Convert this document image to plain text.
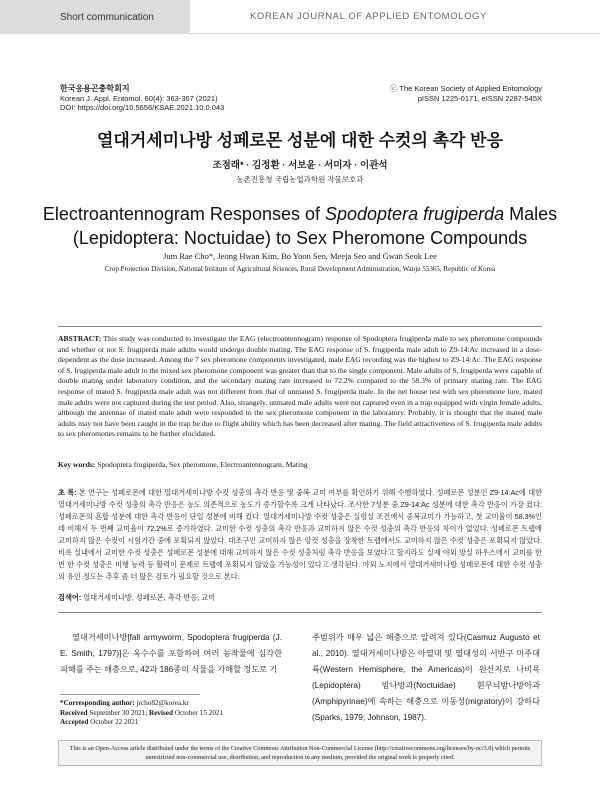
Short communication	KOREAN JOURNAL OF APPLIED ENTOMOLOGY
한국응용곤충학회지
Korean J. Appl. Entomol. 60(4): 363-367 (2021)
DOI: https://doi.org/10.5656/KSAE.2021.10.0.043
ⓒ The Korean Society of Applied Entomology
pISSN 1225-0171, eISSN 2287-545X
열대거세미나방 성페로몬 성분에 대한 수컷의 촉각 반응
조점래* · 김정환 · 서보윤 · 서미자 · 이관석
농촌진흥청 국립농업과학원 작물보호과
Electroantennogram Responses of Spodoptera frugiperda Males
(Lepidoptera: Noctuidae) to Sex Pheromone Compounds
Jum Rae Cho*, Jeong Hwan Kim, Bo Yoon Seo, Meeja Seo and Gwan Seok Lee
Crop Protection Division, National Institute of Agricultural Sciences, Rural Development Administration, Wanju 55365, Republic of Korea
ABSTRACT: This study was conducted to investigate the EAG (electroantennogram) response of Spodoptera frugiperda male to sex pheromone compounds and whether or not S. frugiperda male adults would undergo double mating. The EAG response of S. frugiperda male adult to Z9-14:Ac increased in a dose-dependent as the dose increased. Among the 7 sex pheromone components investigated, male EAG recording was the highest to Z9-14:Ac. The EAG response of S. frugiperda male adult to the mixed sex pheromone component was greater than that to the single component. Male adults of S. frugiperda were capable of double mating under laboratory condition, and the secondary mating rate increased to 72.2% compared to the 58.3% of primary mating rate. The EAG response of mated S. frugiperda male adult was not different from that of unmated S. frugiperda male. In the net house test with sex pheromone lure, mated male adults were not captured during the test period. Also, strangely, unmated male adults were not captured even in a trap equipped with virgin female adults, although the antennae of mated male adult were responded to the sex pheromone component in the laboratory. Probably, it is thought that the mated male adults may not have been caught in the trap be due to flight ability which has been decreased after mating. The field attractiveness of S. frugiperda male adults to sex pheromones remains to be further elucidated.
Key words: Spodoptera frugiperda, Sex pheromone, Electroantennogram, Mating
초 록: 본 연구는 성페로몬에 대한 열대거세미나방 수컷 성충의 촉각 반응 및 중복 교미 여부를 확인하기 위해 수행하였다. 성페로몬 성분인 Z9-14:Ac에 대한 열대거세미나방 수컷 성충의 촉각 반응은 농도 의존적으로 농도가 증가할수록 크게 나타났다. 조사한 7성분 중 Z9-14:Ac 성분에 대한 촉각 반응이 가장 컸다. 성페로몬의 혼합 성분에 대한 촉각 반응이 단일 성분에 비해 컸다. 열대거세미나방 수컷 성충은 실험실 조건에서 중복교미가 가능하고, 첫 교미율이 58.3%인데 비해서 두 번째 교미율이 72.2%로 증가하였다. 교미한 수컷 성충의 촉각 반응과 교미하지 않은 수컷 성충의 촉각 반응의 차이가 없었다. 성페로몬 트랩에 교미하지 않은 수컷이 시험기간 중에 포획되지 않았다. 대조구인 교미하지 않은 암컷 성충을 장착한 트랩에서도 교미하지 않은 수컷 성충은 포획되지 않았다. 비록 실내에서 교미한 수컷 성충은 성페로몬 성분에 대해 교미하지 않은 수컷 성충처럼 촉각 반응을 보였다고 할지라도 실제 야외 망실 하우스에서 교미를 한번 한 수컷 성충은 비행 능력 등 활력이 문제로 트랩에 포획되지 않았을 가능성이 있다고 생각된다. 야외 노지에서 열대거세미나방 성페로몬에 대한 수컷 성충의 유인 정도는 추후 좀 더 많은 검토가 필요할 것으로 본다.
검색어: 열대거세미나방, 성페로몬, 촉각 반응, 교미
열대거세미나방[fall armyworm, Spodoptera frugiperda (J. E. Smith, 1797)]은 옥수수를 포함하여 여러 농작물에 심각한 피해를 주는 해충으로, 42과 186종의 식물을 가해할 정도로 기
주범위가 매우 넓은 해충으로 알려져 있다(Casmuz Augusto et al., 2010). 열대거세미나방은 아열대 및 열대성의 서반구 미주대륙(Western Hemisphere, the Americas)이 원산지로 나비목(Lepidoptera) 밤나방과(Noctuidae) 흰무늬밤나방아과(Amphipyrinae)에 속하는 해충으로 이동성(migratory)이 강하다(Sparks, 1979; Johnson, 1987).
*Corresponding author: jrcho82@korea.kr
Received September 30 2021; Revised October 15 2021
Accepted October 22 2021
This is an Open-Access article distributed under the terms of the Creative Commons Attribution Non-Commercial License (http://creativecommons.org/licenses/by-nc/3.0) which permits unrestricted non-commercial use, distribution, and reproduction in any medium, provided the original work is properly cited.
